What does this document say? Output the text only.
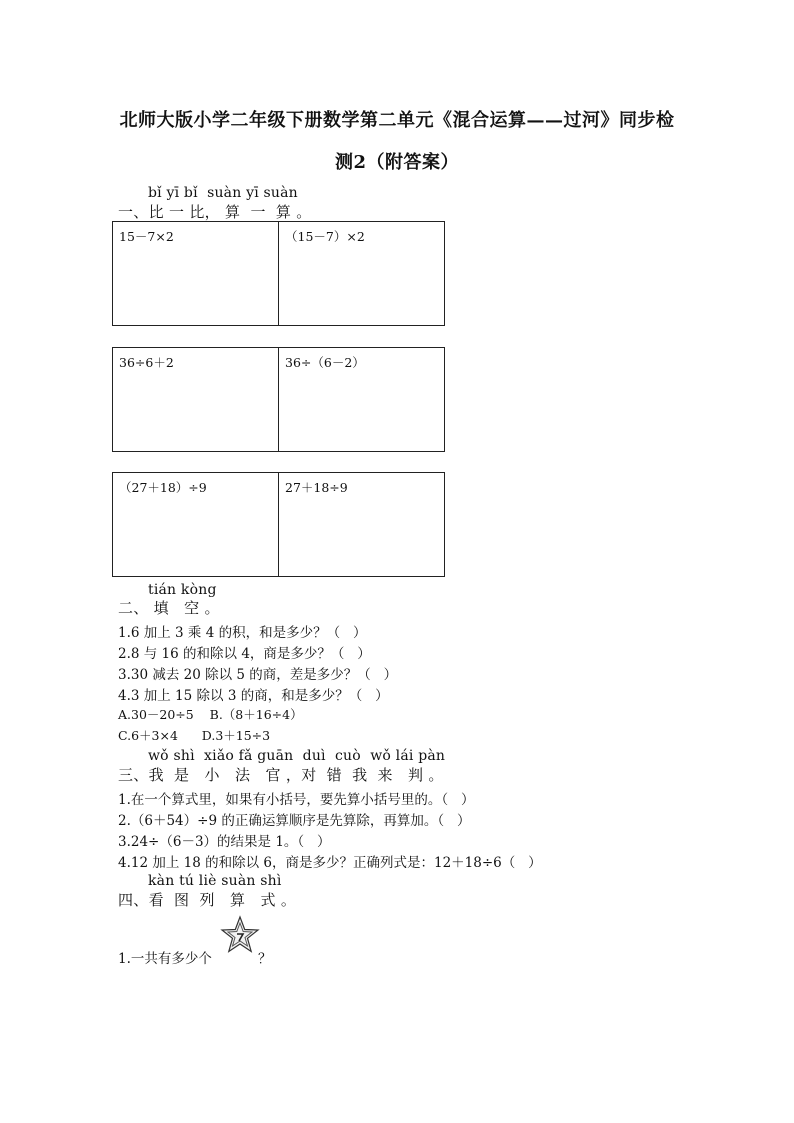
北师大版小学二年级下册数学第二单元《混合运算——过河》同步检
测2（附答案）
bǐ yī bǐ  suàn yī suàn
一、比 一 比， 算  一  算 。
15－7×2	（15－7）×2
36÷6＋2	36÷（6－2）
（27＋18）÷9	27＋18÷9
tián kòng
二、 填   空 。
1.6 加上 3 乘 4 的积，和是多少？（   ）
2.8 与 16 的和除以 4，商是多少？（   ）
3.30 减去 20 除以 5 的商，差是多少？（   ）
4.3 加上 15 除以 3 的商，和是多少？（   ）
A.30－20÷5    B.（8＋16÷4）
C.6＋3×4      D.3＋15÷3
wǒ shì  xiǎo fǎ guān  duì  cuò  wǒ lái pàn
三、我  是   小   法   官 ，对  错  我  来   判 。
1.在一个算式里，如果有小括号，要先算小括号里的。（   ）
2.（6＋54）÷9 的正确运算顺序是先算除，再算加。（   ）
3.24÷（6－3）的结果是 1。（   ）
4.12 加上 18 的和除以 6，商是多少？正确列式是：12＋18÷6（   ）
kàn tú liè suàn shì
四、看  图  列   算   式 。
1.一共有多少个	？
